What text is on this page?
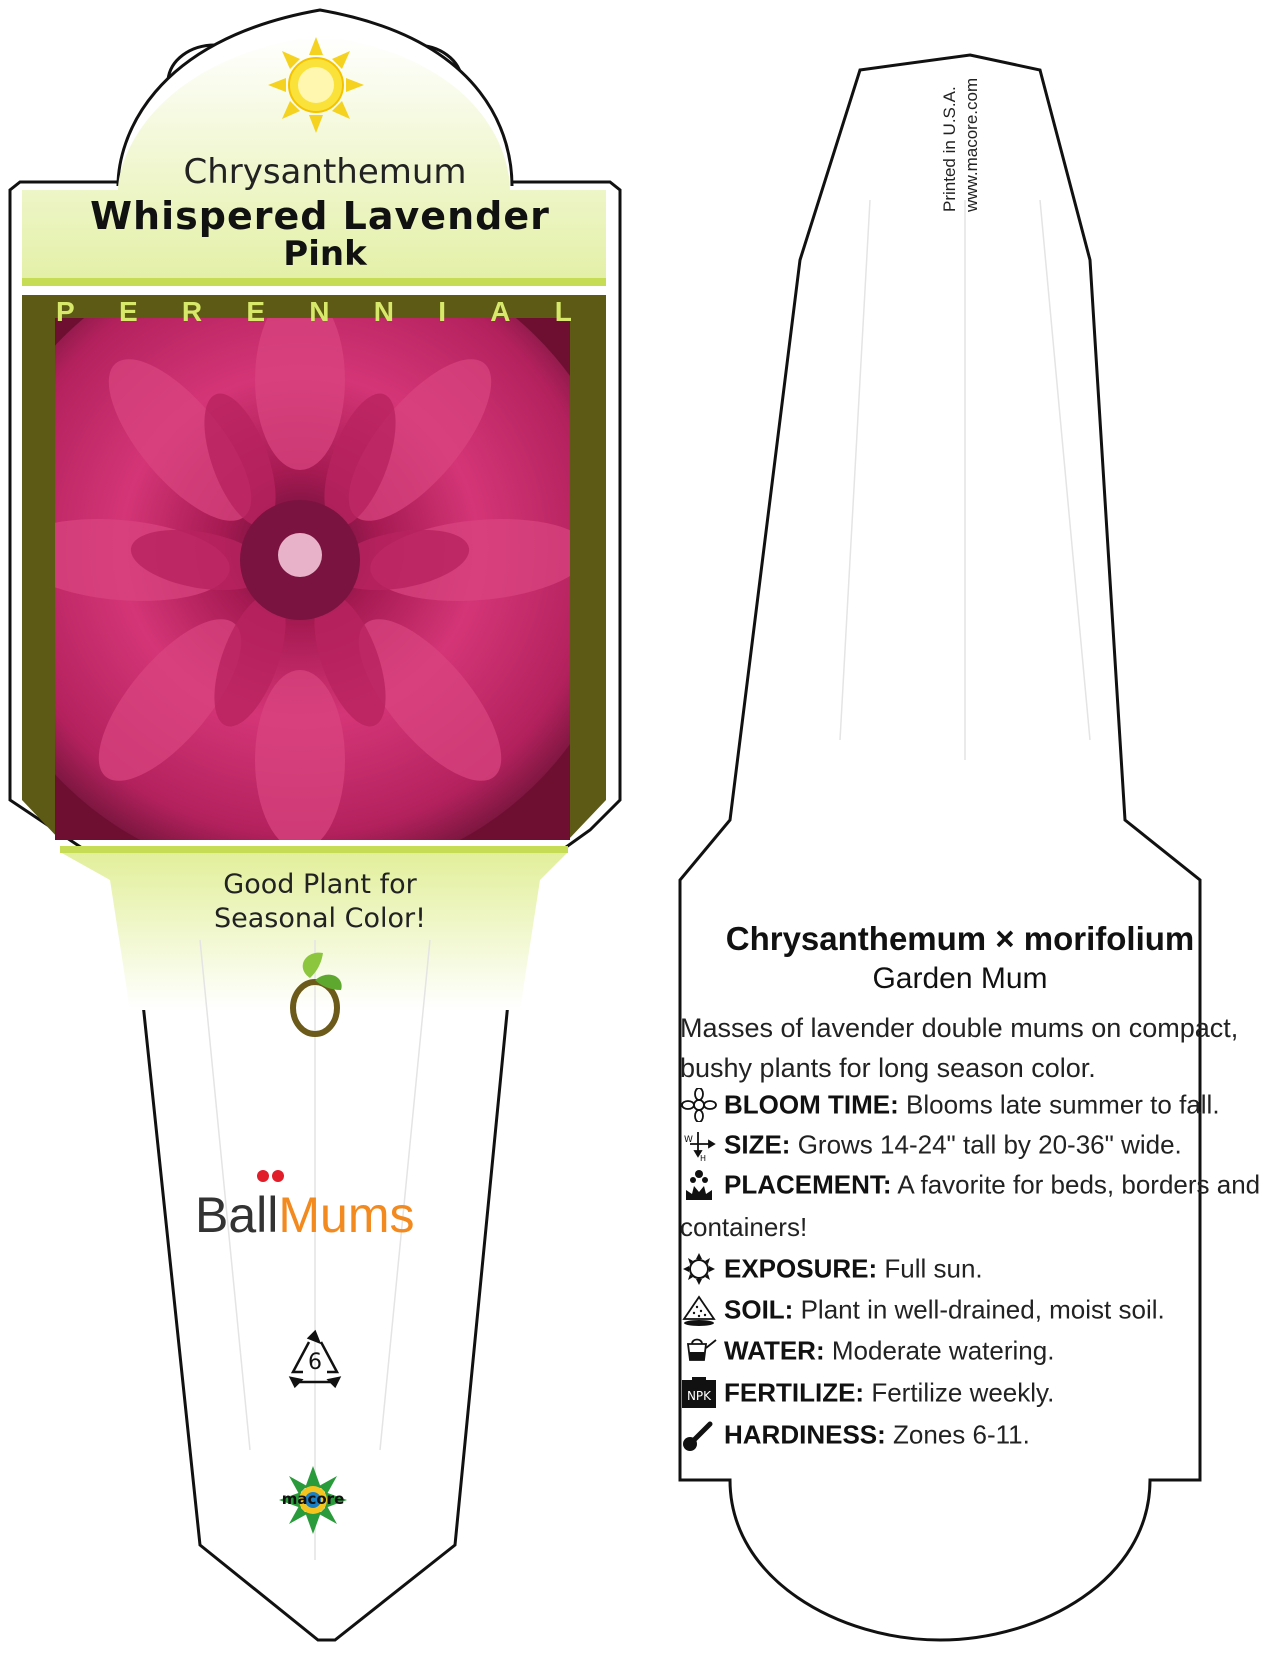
Chrysanthemum
Whispered Lavender
Pink
P E R E N N I A L
Good Plant for
Seasonal Color!
BallMums
6
macore
Printed in U.S.A. www.macore.com
Chrysanthemum × morifolium
Garden Mum
Masses of lavender double mums on compact, bushy plants for long season color.
BLOOM TIME: Blooms late summer to fall.
W
H SIZE: Grows 14-24" tall by 20-36" wide.
PLACEMENT: A favorite for beds, borders and
containers!
EXPOSURE: Full sun.
SOIL: Plant in well-drained, moist soil.
WATER: Moderate watering.
NPK FERTILIZE: Fertilize weekly.
HARDINESS: Zones 6-11.
